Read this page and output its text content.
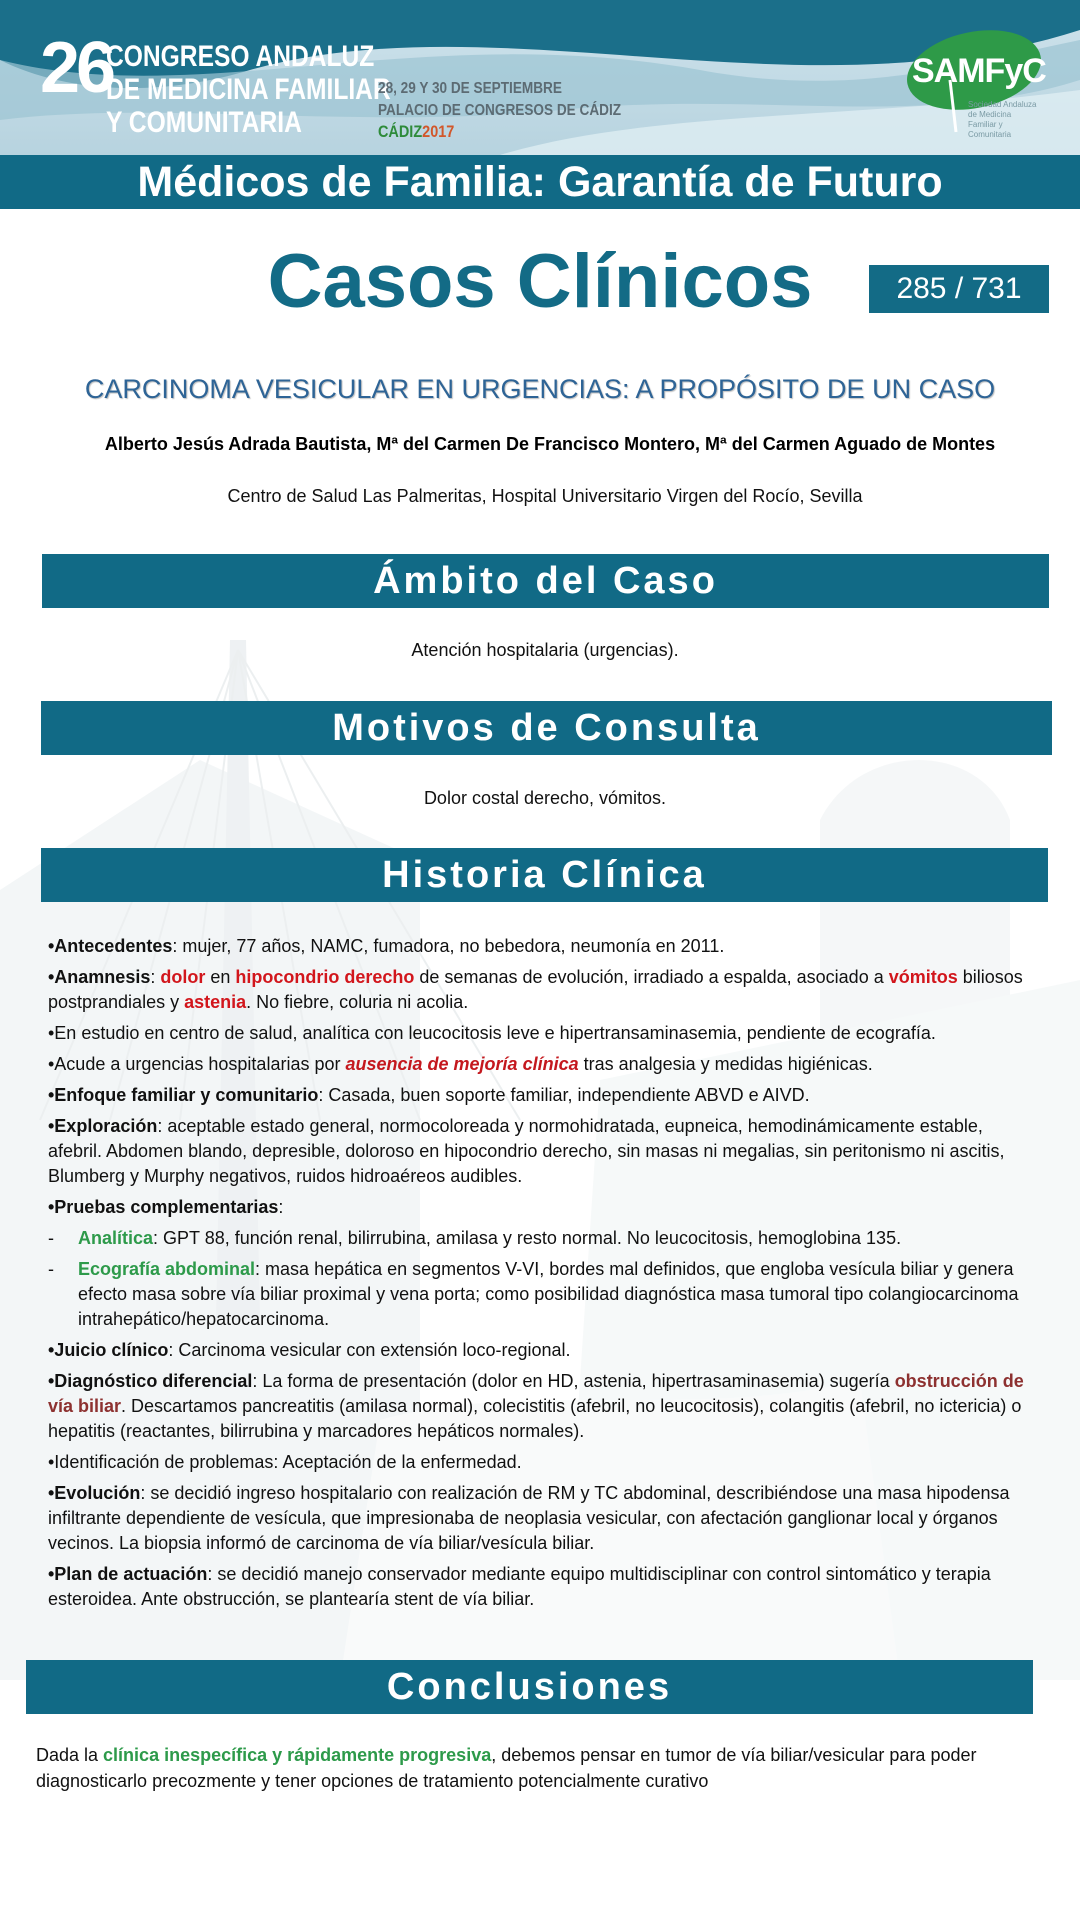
26
CONGRESO ANDALUZ
DE MEDICINA FAMILIAR
Y COMUNITARIA
28, 29 Y 30 DE SEPTIEMBRE
PALACIO DE CONGRESOS DE CÁDIZ
CÁDIZ2017
SAMFyC
Sociedad Andaluza de Medicina Familiar y Comunitaria
Médicos de Familia: Garantía de Futuro
Casos Clínicos	285 / 731
CARCINOMA VESICULAR EN URGENCIAS: A PROPÓSITO DE UN CASO
Alberto Jesús Adrada Bautista, Mª del Carmen De Francisco Montero, Mª del Carmen Aguado de Montes
Centro de Salud Las Palmeritas, Hospital Universitario Virgen del Rocío, Sevilla
Ámbito del Caso
Atención hospitalaria (urgencias).
Motivos de Consulta
Dolor costal derecho, vómitos.
Historia Clínica

•Antecedentes: mujer, 77 años, NAMC, fumadora, no bebedora, neumonía en 2011.

•Anamnesis: dolor en hipocondrio derecho de semanas de evolución, irradiado a espalda, asociado a vómitos biliosos postprandiales y astenia. No fiebre, coluria ni acolia.

•En estudio en centro de salud, analítica con leucocitosis leve e hipertransaminasemia, pendiente de ecografía.

•Acude a urgencias hospitalarias por ausencia de mejoría clínica tras analgesia y medidas higiénicas.

•Enfoque familiar y comunitario: Casada, buen soporte familiar, independiente ABVD e AIVD.

•Exploración: aceptable estado general, normocoloreada y normohidratada, eupneica, hemodinámicamente estable, afebril. Abdomen blando, depresible, doloroso en hipocondrio derecho, sin masas ni megalias, sin peritonismo ni ascitis, Blumberg y Murphy negativos, ruidos hidroaéreos audibles.

•Pruebas complementarias:

- Analítica: GPT 88, función renal, bilirrubina, amilasa y resto normal. No leucocitosis, hemoglobina 135.

- Ecografía abdominal: masa hepática en segmentos V-VI, bordes mal definidos, que engloba vesícula biliar y genera efecto masa sobre vía biliar proximal y vena porta; como posibilidad diagnóstica masa tumoral tipo colangiocarcinoma intrahepático/hepatocarcinoma.

•Juicio clínico: Carcinoma vesicular con extensión loco-regional.

•Diagnóstico diferencial: La forma de presentación (dolor en HD, astenia, hipertrasaminasemia) sugería obstrucción de vía biliar. Descartamos pancreatitis (amilasa normal), colecistitis (afebril, no leucocitosis), colangitis (afebril, no ictericia) o hepatitis (reactantes, bilirrubina y marcadores hepáticos normales).

•Identificación de problemas: Aceptación de la enfermedad.

•Evolución: se decidió ingreso hospitalario con realización de RM y TC abdominal, describiéndose una masa hipodensa infiltrante dependiente de vesícula, que impresionaba de neoplasia vesicular, con afectación ganglionar local y órganos vecinos. La biopsia informó de carcinoma de vía biliar/vesícula biliar.

•Plan de actuación: se decidió manejo conservador mediante equipo multidisciplinar con control sintomático y terapia esteroidea. Ante obstrucción, se plantearía stent de vía biliar.

Conclusiones
Dada la clínica inespecífica y rápidamente progresiva, debemos pensar en tumor de vía biliar/vesicular para poder diagnosticarlo precozmente y tener opciones de tratamiento potencialmente curativo
